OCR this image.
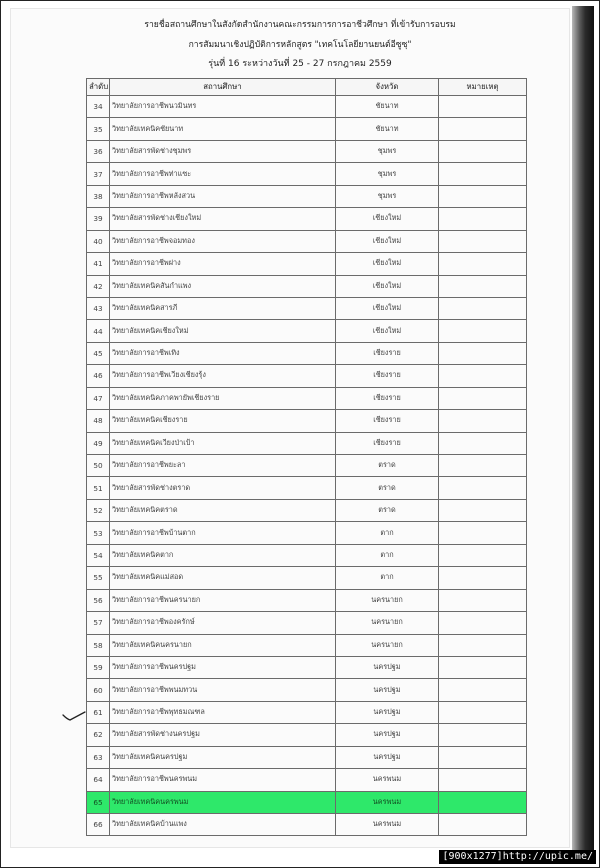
รายชื่อสถานศึกษาในสังกัดสำนักงานคณะกรรมการการอาชีวศึกษา ที่เข้ารับการอบรม
การสัมมนาเชิงปฏิบัติการหลักสูตร "เทคโนโลยียานยนต์อีซูซุ"
รุ่นที่ 16 ระหว่างวันที่ 25 - 27 กรกฎาคม 2559
ลำดับ	สถานศึกษา	จังหวัด	หมายเหตุ
34	วิทยาลัยการอาชีพนวมินทร	ชัยนาท	
35	วิทยาลัยเทคนิคชัยนาท	ชัยนาท	
36	วิทยาลัยสารพัดช่างชุมพร	ชุมพร	
37	วิทยาลัยการอาชีพท่าแซะ	ชุมพร	
38	วิทยาลัยการอาชีพหลังสวน	ชุมพร	
39	วิทยาลัยสารพัดช่างเชียงใหม่	เชียงใหม่	
40	วิทยาลัยการอาชีพจอมทอง	เชียงใหม่	
41	วิทยาลัยการอาชีพฝาง	เชียงใหม่	
42	วิทยาลัยเทคนิคสันกำแพง	เชียงใหม่	
43	วิทยาลัยเทคนิคสารภี	เชียงใหม่	
44	วิทยาลัยเทคนิคเชียงใหม่	เชียงใหม่	
45	วิทยาลัยการอาชีพเทิง	เชียงราย	
46	วิทยาลัยการอาชีพเวียงเชียงรุ้ง	เชียงราย	
47	วิทยาลัยเทคนิคภาคพายัพเชียงราย	เชียงราย	
48	วิทยาลัยเทคนิคเชียงราย	เชียงราย	
49	วิทยาลัยเทคนิคเวียงป่าเป้า	เชียงราย	
50	วิทยาลัยการอาชีพยะลา	ตราด	
51	วิทยาลัยสารพัดช่างตราด	ตราด	
52	วิทยาลัยเทคนิคตราด	ตราด	
53	วิทยาลัยการอาชีพบ้านตาก	ตาก	
54	วิทยาลัยเทคนิคตาก	ตาก	
55	วิทยาลัยเทคนิคแม่สอด	ตาก	
56	วิทยาลัยการอาชีพนครนายก	นครนายก	
57	วิทยาลัยการอาชีพองครักษ์	นครนายก	
58	วิทยาลัยเทคนิคนครนายก	นครนายก	
59	วิทยาลัยการอาชีพนครปฐม	นครปฐม	
60	วิทยาลัยการอาชีพพนมทวน	นครปฐม	
61	วิทยาลัยการอาชีพพุทธมณฑล	นครปฐม	
62	วิทยาลัยสารพัดช่างนครปฐม	นครปฐม	
63	วิทยาลัยเทคนิคนครปฐม	นครปฐม	
64	วิทยาลัยการอาชีพนครพนม	นครพนม	
65	วิทยาลัยเทคนิคนครพนม	นครพนม	
66	วิทยาลัยเทคนิคบ้านแพง	นครพนม	
[900x1277]http://upic.me/
